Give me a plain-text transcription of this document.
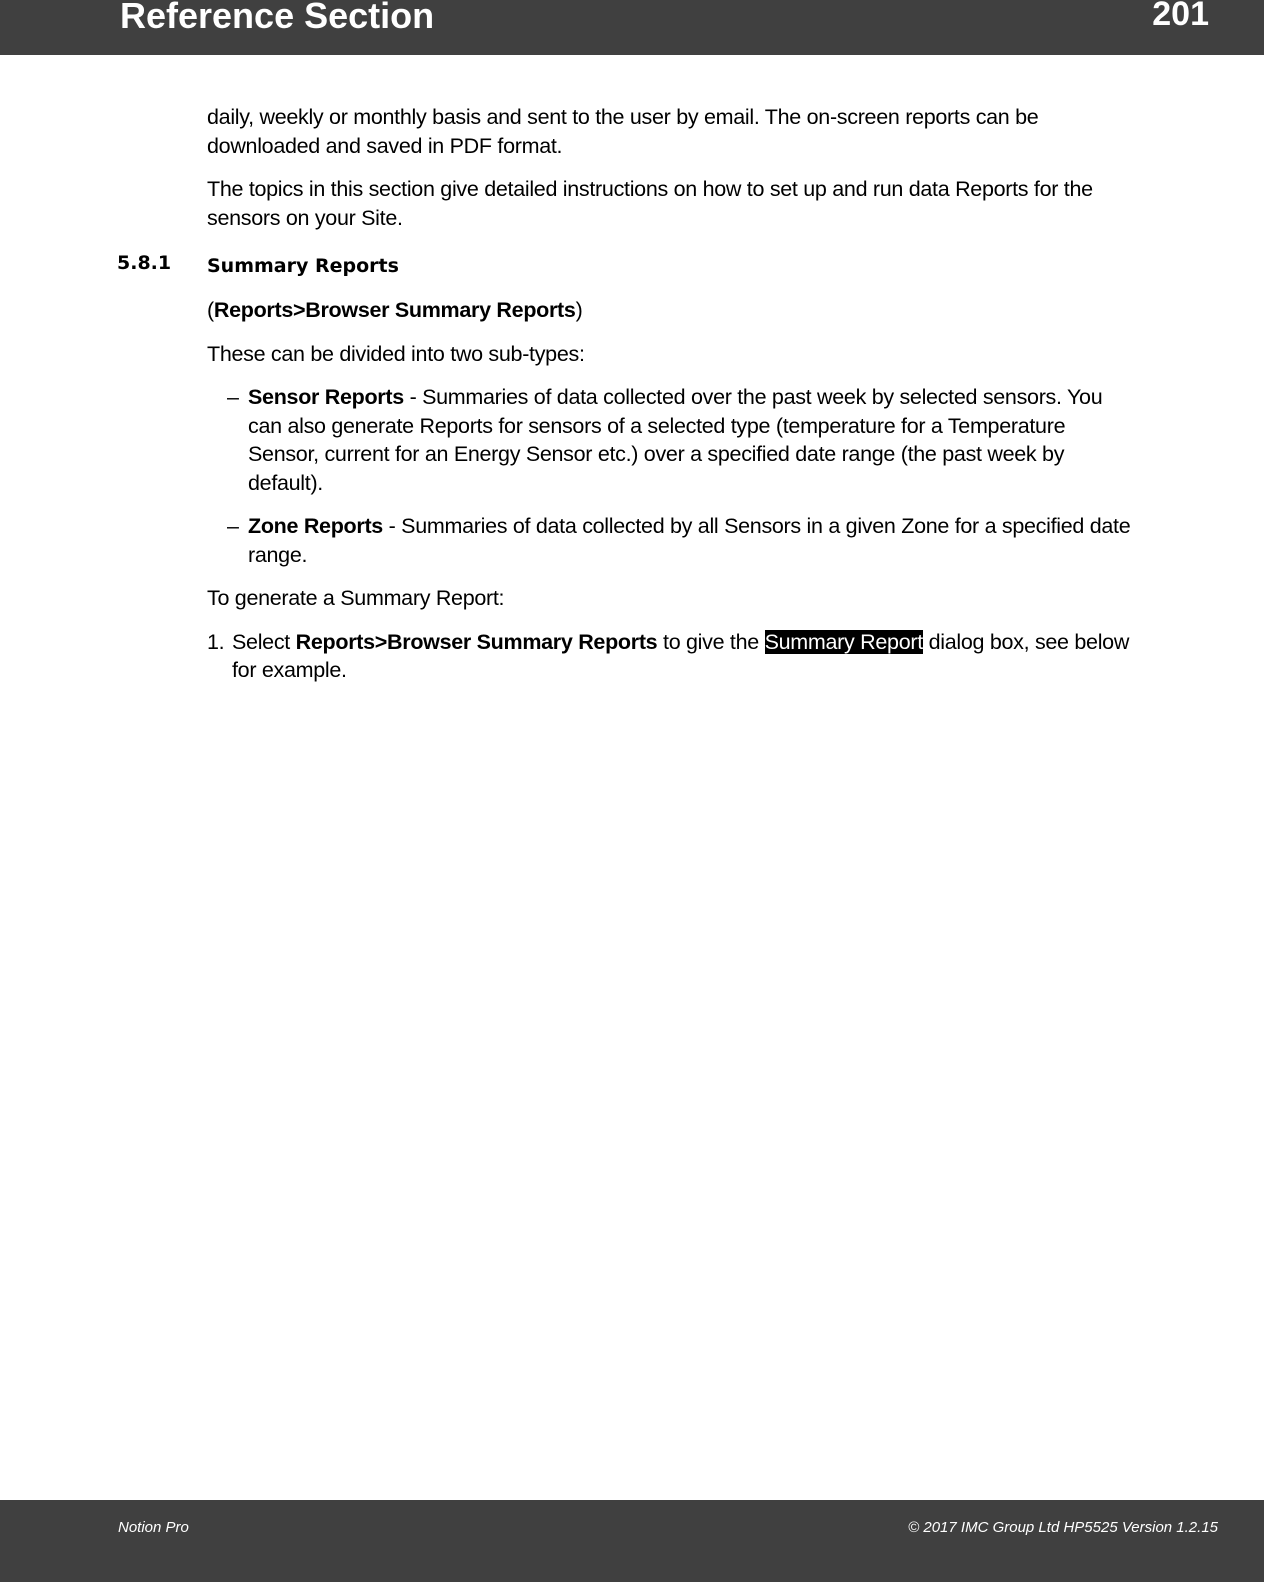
Reference Section	201

daily, weekly or monthly basis and sent to the user by email. The on-screen reports can be downloaded and saved in PDF format.

The topics in this section give detailed instructions on how to set up and run data Reports for the sensors on your Site.

5.8.1 Summary Reports

(Reports>Browser Summary Reports)

These can be divided into two sub-types:

– Sensor Reports - Summaries of data collected over the past week by selected sensors. You can also generate Reports for sensors of a selected type (temperature for a Temperature Sensor, current for an Energy Sensor etc.) over a specified date range (the past week by default).
– Zone Reports - Summaries of data collected by all Sensors in a given Zone for a specified date range.

To generate a Summary Report:

1. Select Reports>Browser Summary Reports to give the Summary Report dialog box, see below for example.
Notion Pro	© 2017 IMC Group Ltd HP5525 Version 1.2.15
